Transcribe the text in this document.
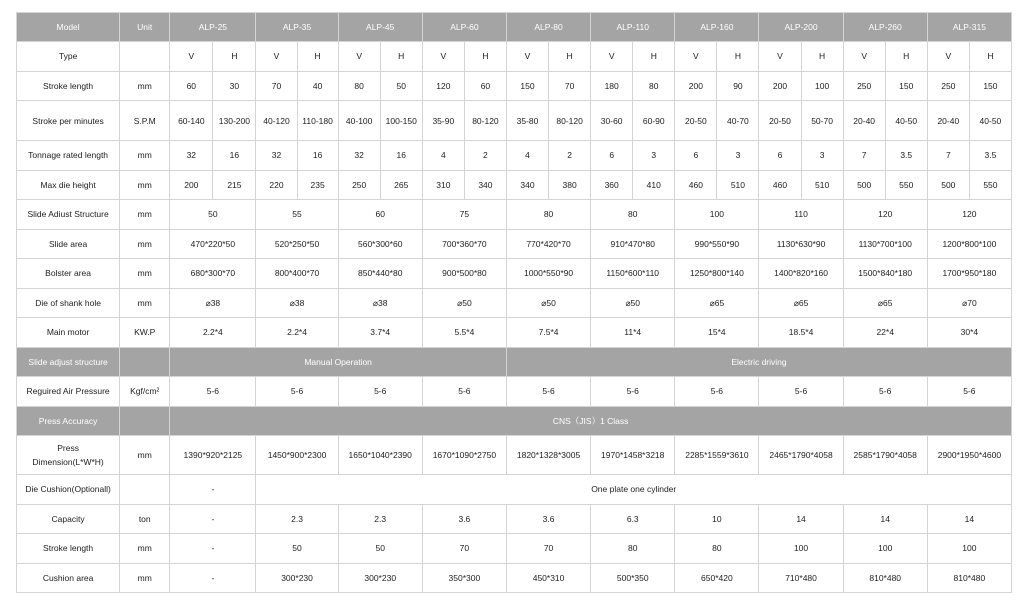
Model	Unit	ALP-25		ALP-35		ALP-45		ALP-60		ALP-80		ALP-110		ALP-160		ALP-200		ALP-260		ALP-315	
Type		V	H	V	H	V	H	V	H	V	H	V	H	V	H	V	H	V	H	V	H
Stroke length	mm	60	30	70	40	80	50	120	60	150	70	180	80	200	90	200	100	250	150	250	150
Stroke per minutes	S.P.M	60-140	130-200	40-120	110-180	40-100	100-150	35-90	80-120	35-80	80-120	30-60	60-90	20-50	40-70	20-50	50-70	20-40	40-50	20-40	40-50
Tonnage rated length	mm	32	16	32	16	32	16	4	2	4	2	6	3	6	3	6	3	7	3.5	7	3.5
Max die height	mm	200	215	220	235	250	265	310	340	340	380	360	410	460	510	460	510	500	550	500	550
Slide Adiust Structure	mm	50		55		60		75		80		80		100		110		120		120	
Slide area	mm	470*220*50		520*250*50		560*300*60		700*360*70		770*420*70		910*470*80		990*550*90		1130*630*90		1130*700*100		1200*800*100	
Bolster area	mm	680*300*70		800*400*70		850*440*80		900*500*80		1000*550*90		1150*600*110		1250*800*140		1400*820*160		1500*840*180		1700*950*180	
Die of shank hole	mm	⌀38		⌀38		⌀38		⌀50		⌀50		⌀50		⌀65		⌀65		⌀65		⌀70	
Main motor	KW.P	2.2*4		2.2*4		3.7*4		5.5*4		7.5*4		11*4		15*4		18.5*4		22*4		30*4	
Slide adjust structure		Manual Operation								Electric driving											
Reguired Air Pressure	Kgf/cm²	5-6		5-6		5-6		5-6		5-6		5-6		5-6		5-6		5-6		5-6	
Press Accuracy		CNS（JIS）1 Class																			

Press
Dimension(L*W*H)	mm	1390*920*2125		1450*900*2300		1650*1040*2390		1670*1090*2750		1820*1328*3005		1970*1458*3218		2285*1559*3610		2465*1790*4058		2585*1790*4058		2900*1950*4600	
Die Cushion(Optionall)		-		One plate one cylinder																	
Capacity	ton	-		2.3		2.3		3.6		3.6		6.3		10		14		14		14	
Stroke length	mm	-		50		50		70		70		80		80		100		100		100	
Cushion area	mm	-		300*230		300*230		350*300		450*310		500*350		650*420		710*480		810*480		810*480	
